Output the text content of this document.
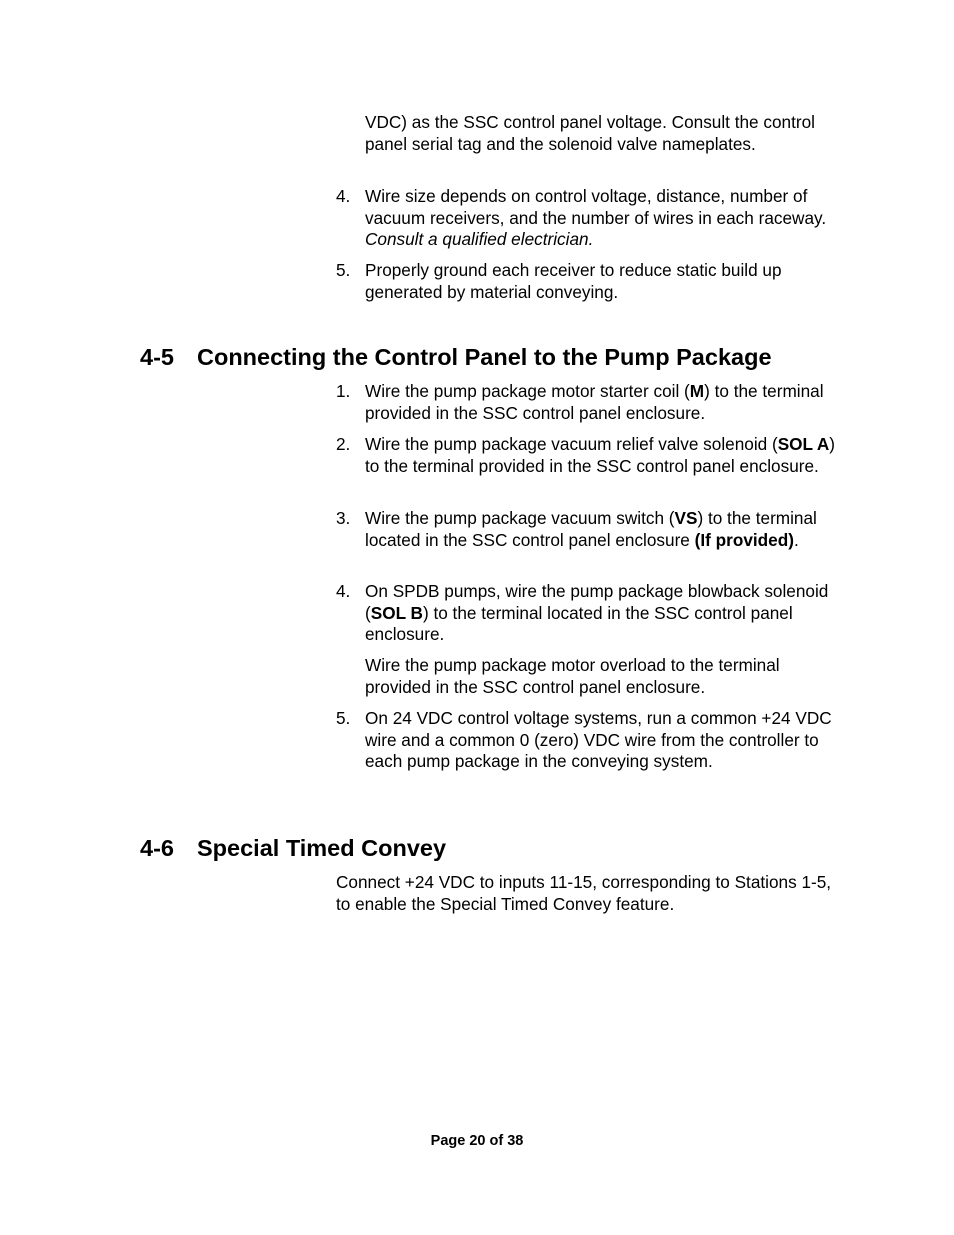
VDC) as the SSC control panel voltage. Consult the control panel serial tag and the solenoid valve nameplates.
4. Wire size depends on control voltage, distance, number of vacuum receivers, and the number of wires in each raceway. Consult a qualified electrician.
5. Properly ground each receiver to reduce static build up generated by material conveying.
4-5 Connecting the Control Panel to the Pump Package
1. Wire the pump package motor starter coil (M) to the terminal provided in the SSC control panel enclosure.
2. Wire the pump package vacuum relief valve solenoid (SOL A) to the terminal provided in the SSC control panel enclosure.
3. Wire the pump package vacuum switch (VS) to the terminal located in the SSC control panel enclosure (If provided).
4. On SPDB pumps, wire the pump package blowback solenoid (SOL B) to the terminal located in the SSC control panel enclosure.
Wire the pump package motor overload to the terminal provided in the SSC control panel enclosure.
5. On 24 VDC control voltage systems, run a common +24 VDC wire and a common 0 (zero) VDC wire from the controller to each pump package in the conveying system.
4-6 Special Timed Convey
Connect +24 VDC to inputs 11-15, corresponding to Stations 1-5, to enable the Special Timed Convey feature.
Page 20 of 38
